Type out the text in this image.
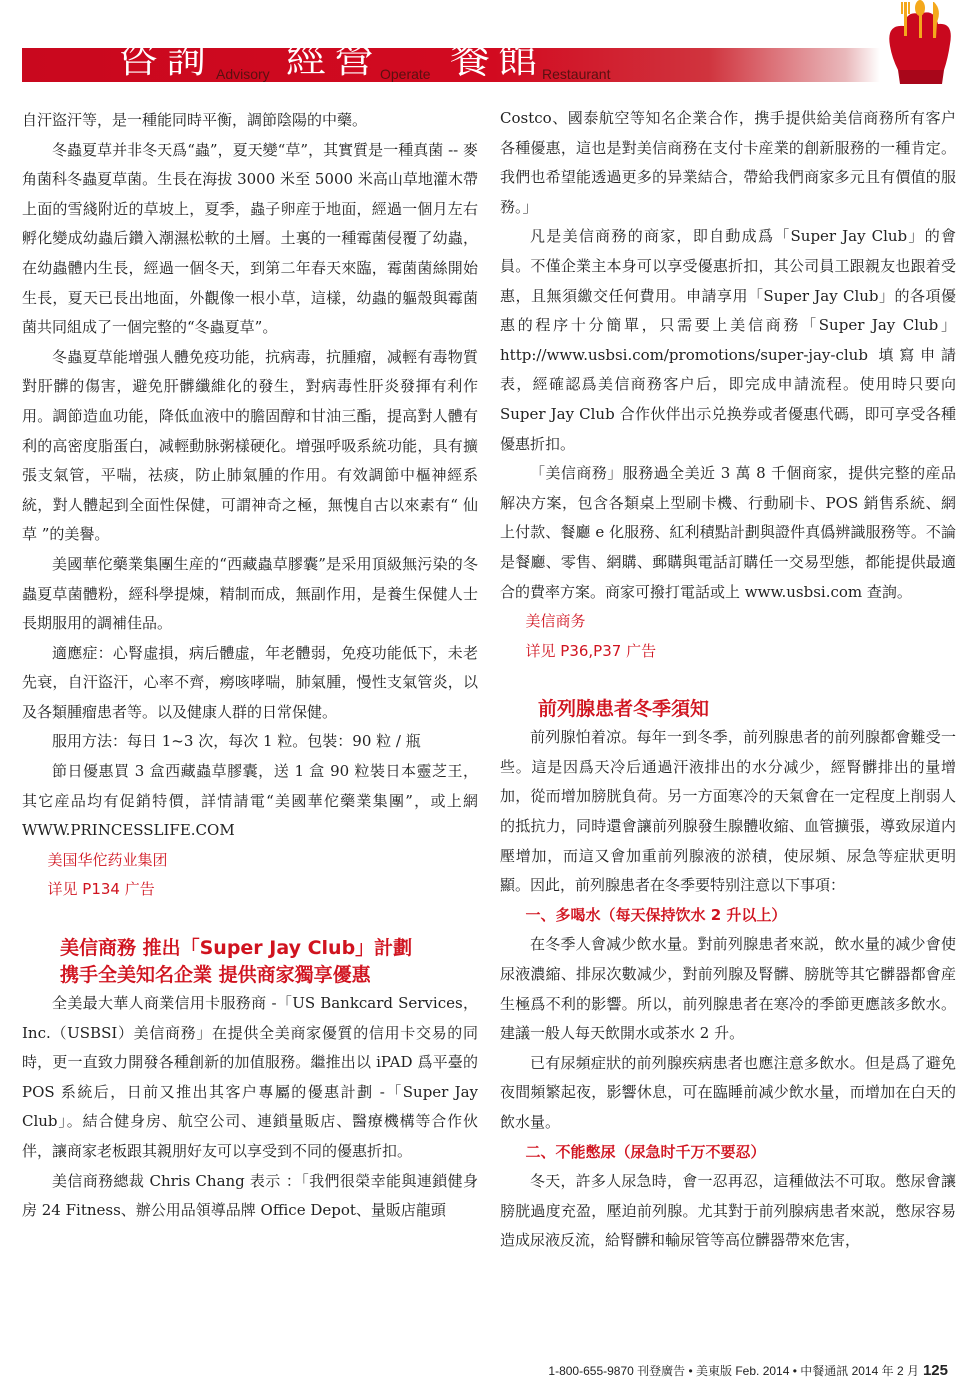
咨詢 Advisory 經營
Operate 餐館
Restaurant

自汗盜汗等，是一種能同時平衡，調節陰陽的中藥。

冬蟲夏草并非冬天爲“蟲”，夏天變“草”，其實質是一種真菌 -- 麥角菌科冬蟲夏草菌。生長在海拔 3000 米至 5000 米高山草地灌木帶上面的雪綫附近的草坡上，夏季，蟲子卵産于地面，經過一個月左右孵化變成幼蟲后鑽入潮濕松軟的土層。土裏的一種霉菌侵覆了幼蟲，在幼蟲體内生長，經過一個冬天，到第二年春天來臨，霉菌菌絲開始生長，夏天已長出地面，外觀像一根小草，這樣，幼蟲的軀殼與霉菌菌共同組成了一個完整的“冬蟲夏草”。

冬蟲夏草能增强人體免疫功能，抗病毒，抗腫瘤，减輕有毒物質對肝髒的傷害，避免肝髒纖維化的發生，對病毒性肝炎發揮有利作用。調節造血功能，降低血液中的膽固醇和甘油三酯，提高對人體有利的高密度脂蛋白，减輕動脉粥樣硬化。增强呼吸系統功能，具有擴張支氣管，平喘，祛痰，防止肺氣腫的作用。有效調節中樞神經系統，對人體起到全面性保健，可謂神奇之極，無愧自古以來素有“ 仙草 ”的美譽。

美國華佗藥業集團生産的“西藏蟲草膠囊”是采用頂級無污染的冬蟲夏草菌體粉，經科學提煉，精制而成，無副作用，是養生保健人士長期服用的調補佳品。

適應症：心腎虛損，病后體虛，年老體弱，免疫功能低下，未老先衰，自汗盜汗，心率不齊，癆咳哮喘，肺氣腫，慢性支氣管炎，以及各類腫瘤患者等。以及健康人群的日常保健。

服用方法：每日 1~3 次，每次 1 粒。包裝：90 粒 / 瓶

節日優惠買 3 盒西藏蟲草膠囊，送 1 盒 90 粒裝日本靈芝王，其它産品均有促銷特價，詳情請電“美國華佗藥業集團”，或上網 WWW.PRINCESSLIFE.COM

美国华佗药业集团

详见 P134 广告

美信商務 推出「Super Jay Club」計劃

携手全美知名企業 提供商家獨享優惠

全美最大華人商業信用卡服務商 -「US Bankcard Services，Inc.（USBSI）美信商務」在提供全美商家優質的信用卡交易的同時，更一直致力開發各種創新的加值服務。繼推出以 iPAD 爲平臺的 POS 系統后，日前又推出其客户專屬的優惠計劃 -「Super Jay Club」。結合健身房、航空公司、連鎖量販店、醫療機構等合作伙伴，讓商家老板跟其親朋好友可以享受到不同的優惠折扣。

美信商務總裁 Chris Chang 表示 ：「我們很榮幸能與連鎖健身房 24 Fitness、辦公用品領導品牌 Office Depot、量販店龍頭

Costco、國泰航空等知名企業合作，携手提供給美信商務所有客户各種優惠，這也是對美信商務在支付卡産業的創新服務的一種肯定。我們也希望能透過更多的异業結合，帶給我們商家多元且有價值的服務。」

凡是美信商務的商家，即自動成爲「Super Jay Club」的會員。不僅企業主本身可以享受優惠折扣，其公司員工跟親友也跟着受惠，且無須繳交任何費用。申請享用「Super Jay Club」的各項優惠的程序十分簡單，只需要上美信商務「Super Jay Club」http://www.usbsi.com/promotions/super-jay-club 填寫申請表，經確認爲美信商務客户后，即完成申請流程。使用時只要向 Super Jay Club 合作伙伴出示兑换券或者優惠代碼，即可享受各種優惠折扣。

「美信商務」服務過全美近 3 萬 8 千個商家，提供完整的産品解决方案，包含各類桌上型刷卡機、行動刷卡、POS 銷售系統、網上付款、餐廳 e 化服務、紅利積點計劃與證件真僞辨識服務等。不論是餐廳、零售、網購、郵購與電話訂購任一交易型態，都能提供最適合的費率方案。商家可撥打電話或上 www.usbsi.com 查詢。

美信商务

详见 P36,P37 广告

前列腺患者冬季須知

前列腺怕着凉。每年一到冬季，前列腺患者的前列腺都會難受一些。這是因爲天冷后通過汗液排出的水分减少，經腎髒排出的量增加，從而增加膀胱負荷。另一方面寒冷的天氣會在一定程度上削弱人的抵抗力，同時還會讓前列腺發生腺體收縮、血管擴張，導致尿道内壓增加，而這又會加重前列腺液的淤積，使尿頻、尿急等症狀更明顯。因此，前列腺患者在冬季要特别注意以下事項：

一、多喝水（每天保持饮水 2 升以上）

在冬季人會减少飲水量。對前列腺患者來説，飲水量的减少會使尿液濃縮、排尿次數减少，對前列腺及腎髒、膀胱等其它髒器都會産生極爲不利的影響。所以，前列腺患者在寒冷的季節更應該多飲水。建議一般人每天飲開水或茶水 2 升。

已有尿頻症狀的前列腺疾病患者也應注意多飲水。但是爲了避免夜間頻繁起夜，影響休息，可在臨睡前减少飲水量，而增加在白天的飲水量。

二、不能憋尿（尿急时千万不要忍）

冬天，許多人尿急時，會一忍再忍，這種做法不可取。憋尿會讓膀胱過度充盈，壓迫前列腺。尤其對于前列腺病患者來説，憋尿容易造成尿液反流，給腎髒和輸尿管等高位髒器帶來危害，

1-800-655-9870 刊登廣告 • 美東版 Feb. 2014 • 中餐通訊 2014 年 2 月 125
